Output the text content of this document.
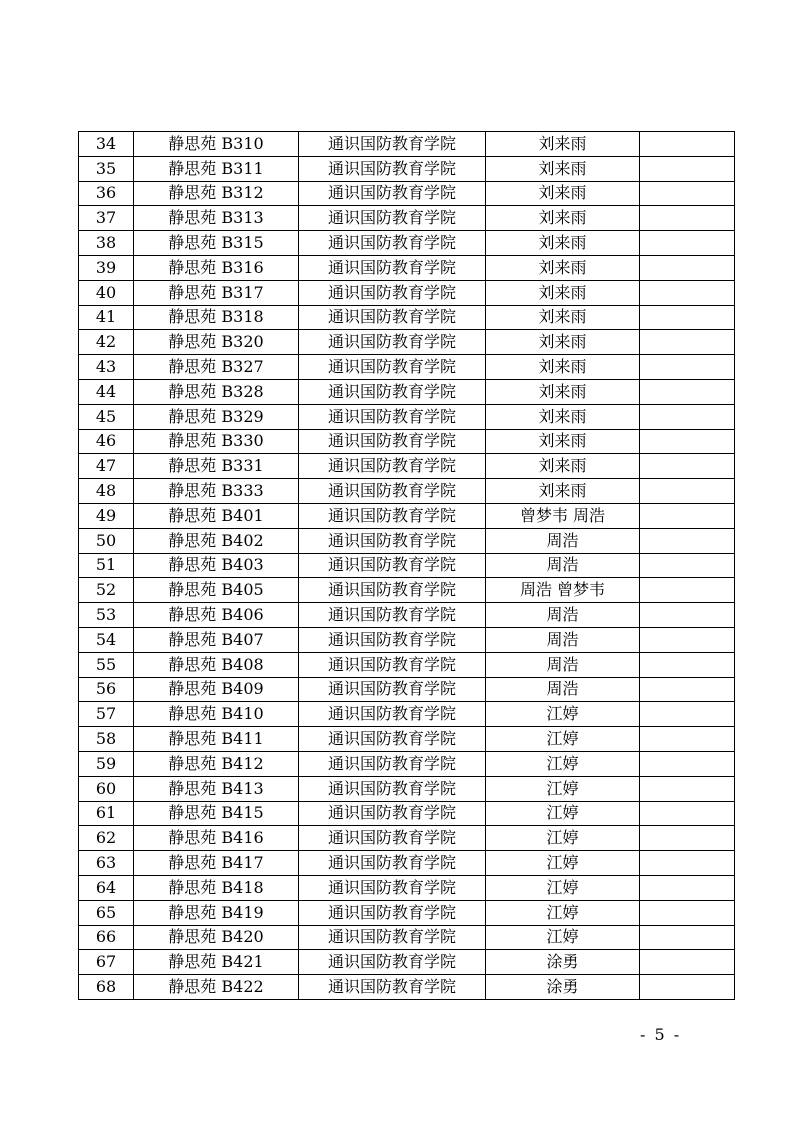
34	静思苑 B310	通识国防教育学院	刘来雨	
35	静思苑 B311	通识国防教育学院	刘来雨	
36	静思苑 B312	通识国防教育学院	刘来雨	
37	静思苑 B313	通识国防教育学院	刘来雨	
38	静思苑 B315	通识国防教育学院	刘来雨	
39	静思苑 B316	通识国防教育学院	刘来雨	
40	静思苑 B317	通识国防教育学院	刘来雨	
41	静思苑 B318	通识国防教育学院	刘来雨	
42	静思苑 B320	通识国防教育学院	刘来雨	
43	静思苑 B327	通识国防教育学院	刘来雨	
44	静思苑 B328	通识国防教育学院	刘来雨	
45	静思苑 B329	通识国防教育学院	刘来雨	
46	静思苑 B330	通识国防教育学院	刘来雨	
47	静思苑 B331	通识国防教育学院	刘来雨	
48	静思苑 B333	通识国防教育学院	刘来雨	
49	静思苑 B401	通识国防教育学院	曾梦韦 周浩	
50	静思苑 B402	通识国防教育学院	周浩	
51	静思苑 B403	通识国防教育学院	周浩	
52	静思苑 B405	通识国防教育学院	周浩 曾梦韦	
53	静思苑 B406	通识国防教育学院	周浩	
54	静思苑 B407	通识国防教育学院	周浩	
55	静思苑 B408	通识国防教育学院	周浩	
56	静思苑 B409	通识国防教育学院	周浩	
57	静思苑 B410	通识国防教育学院	江婷	
58	静思苑 B411	通识国防教育学院	江婷	
59	静思苑 B412	通识国防教育学院	江婷	
60	静思苑 B413	通识国防教育学院	江婷	
61	静思苑 B415	通识国防教育学院	江婷	
62	静思苑 B416	通识国防教育学院	江婷	
63	静思苑 B417	通识国防教育学院	江婷	
64	静思苑 B418	通识国防教育学院	江婷	
65	静思苑 B419	通识国防教育学院	江婷	
66	静思苑 B420	通识国防教育学院	江婷	
67	静思苑 B421	通识国防教育学院	涂勇	
68	静思苑 B422	通识国防教育学院	涂勇	
- 5 -
